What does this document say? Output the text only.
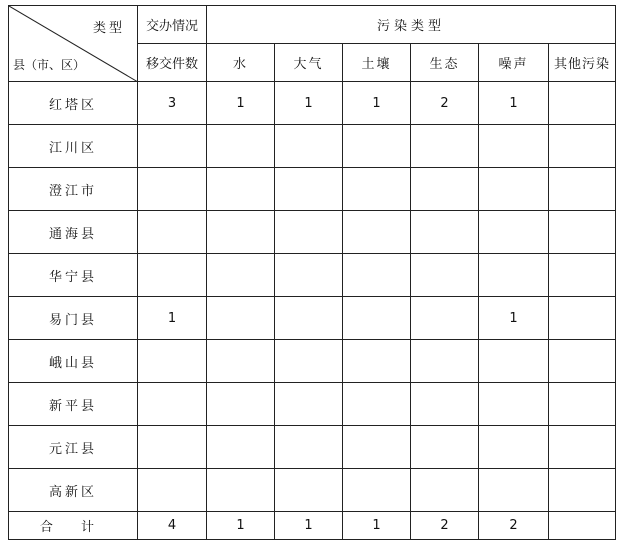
类型
县（市、区）	交办情况	污染类型					
	移交件数	水	大气	土壤	生态	噪声	其他污染
红塔区	3	1	1	1	2	1	
江川区							
澄江市							
通海县							
华宁县							
易门县	1					1	
峨山县							
新平县							
元江县							
高新区							
合 计	4	1	1	1	2	2	
